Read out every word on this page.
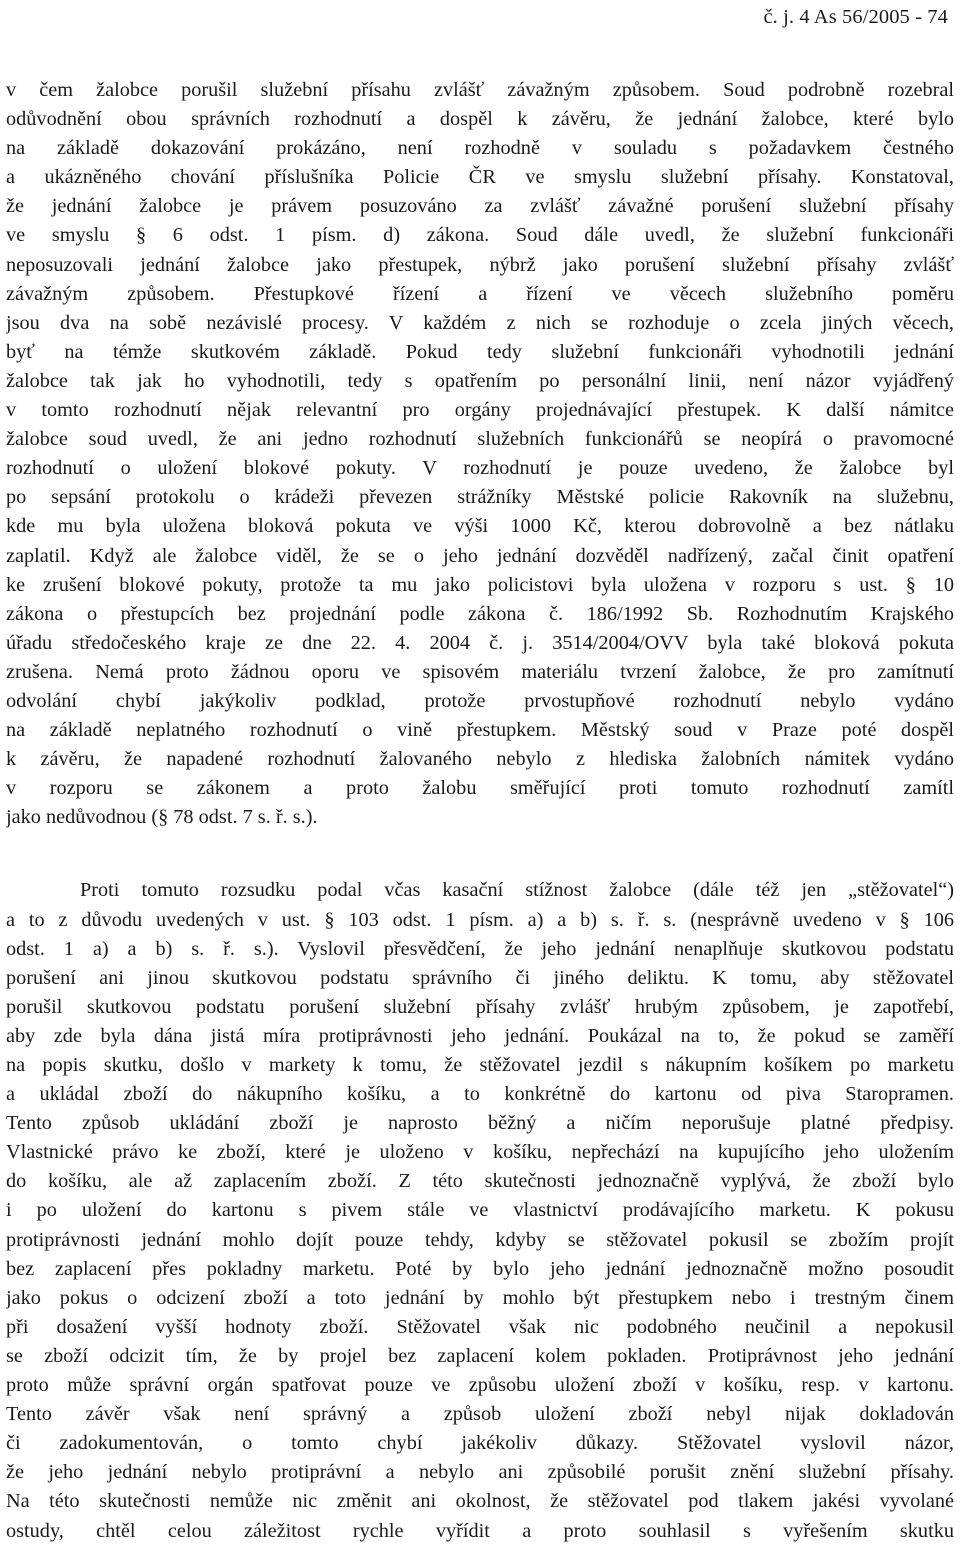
č. j. 4 As 56/2005 - 74
v čem žalobce porušil služební přísahu zvlášť závažným způsobem. Soud podrobně rozebral
odůvodnění obou správních rozhodnutí a dospěl k závěru, že jednání žalobce, které bylo
na základě dokazování prokázáno, není rozhodně v souladu s požadavkem čestného
a ukázněného chování příslušníka Policie ČR ve smyslu služební přísahy. Konstatoval,
že jednání žalobce je právem posuzováno za zvlášť závažné porušení služební přísahy
ve smyslu § 6 odst. 1 písm. d) zákona. Soud dále uvedl, že služební funkcionáři
neposuzovali jednání žalobce jako přestupek, nýbrž jako porušení služební přísahy zvlášť
závažným způsobem. Přestupkové řízení a řízení ve věcech služebního poměru
jsou dva na sobě nezávislé procesy. V každém z nich se rozhoduje o zcela jiných věcech,
byť na témže skutkovém základě. Pokud tedy služební funkcionáři vyhodnotili jednání
žalobce tak jak ho vyhodnotili, tedy s opatřením po personální linii, není názor vyjádřený
v tomto rozhodnutí nějak relevantní pro orgány projednávající přestupek. K další námitce
žalobce soud uvedl, že ani jedno rozhodnutí služebních funkcionářů se neopírá o pravomocné
rozhodnutí o uložení blokové pokuty. V rozhodnutí je pouze uvedeno, že žalobce byl
po sepsání protokolu o krádeži převezen strážníky Městské policie Rakovník na služebnu,
kde mu byla uložena bloková pokuta ve výši 1000 Kč, kterou dobrovolně a bez nátlaku
zaplatil. Když ale žalobce viděl, že se o jeho jednání dozvěděl nadřízený, začal činit opatření
ke zrušení blokové pokuty, protože ta mu jako policistovi byla uložena v rozporu s ust. § 10
zákona o přestupcích bez projednání podle zákona č. 186/1992 Sb. Rozhodnutím Krajského
úřadu středočeského kraje ze dne 22. 4. 2004 č. j. 3514/2004/OVV byla také bloková pokuta
zrušena. Nemá proto žádnou oporu ve spisovém materiálu tvrzení žalobce, že pro zamítnutí
odvolání chybí jakýkoliv podklad, protože prvostupňové rozhodnutí nebylo vydáno
na základě neplatného rozhodnutí o vině přestupkem. Městský soud v Praze poté dospěl
k závěru, že napadené rozhodnutí žalovaného nebylo z hlediska žalobních námitek vydáno
v rozporu se zákonem a proto žalobu směřující proti tomuto rozhodnutí zamítl
jako nedůvodnou (§ 78 odst. 7 s. ř. s.).
Proti tomuto rozsudku podal včas kasační stížnost žalobce (dále též jen „stěžovatel“)
a to z důvodu uvedených v ust. § 103 odst. 1 písm. a) a b) s. ř. s. (nesprávně uvedeno v § 106
odst. 1 a) a b) s. ř. s.). Vyslovil přesvědčení, že jeho jednání nenaplňuje skutkovou podstatu
porušení ani jinou skutkovou podstatu správního či jiného deliktu. K tomu, aby stěžovatel
porušil skutkovou podstatu porušení služební přísahy zvlášť hrubým způsobem, je zapotřebí,
aby zde byla dána jistá míra protiprávnosti jeho jednání. Poukázal na to, že pokud se zaměří
na popis skutku, došlo v markety k tomu, že stěžovatel jezdil s nákupním košíkem po marketu
a ukládal zboží do nákupního košíku, a to konkrétně do kartonu od piva Staropramen.
Tento způsob ukládání zboží je naprosto běžný a ničím neporušuje platné předpisy.
Vlastnické právo ke zboží, které je uloženo v košíku, nepřechází na kupujícího jeho uložením
do košíku, ale až zaplacením zboží. Z této skutečnosti jednoznačně vyplývá, že zboží bylo
i po uložení do kartonu s pivem stále ve vlastnictví prodávajícího marketu. K pokusu
protiprávnosti jednání mohlo dojít pouze tehdy, kdyby se stěžovatel pokusil se zbožím projít
bez zaplacení přes pokladny marketu. Poté by bylo jeho jednání jednoznačně možno posoudit
jako pokus o odcizení zboží a toto jednání by mohlo být přestupkem nebo i trestným činem
při dosažení vyšší hodnoty zboží. Stěžovatel však nic podobného neučinil a nepokusil
se zboží odcizit tím, že by projel bez zaplacení kolem pokladen. Protiprávnost jeho jednání
proto může správní orgán spatřovat pouze ve způsobu uložení zboží v košíku, resp. v kartonu.
Tento závěr však není správný a způsob uložení zboží nebyl nijak dokladován
či zadokumentován, o tomto chybí jakékoliv důkazy. Stěžovatel vyslovil názor,
že jeho jednání nebylo protiprávní a nebylo ani způsobilé porušit znění služební přísahy.
Na této skutečnosti nemůže nic změnit ani okolnost, že stěžovatel pod tlakem jakési vyvolané
ostudy, chtěl celou záležitost rychle vyřídit a proto souhlasil s vyřešením skutku
